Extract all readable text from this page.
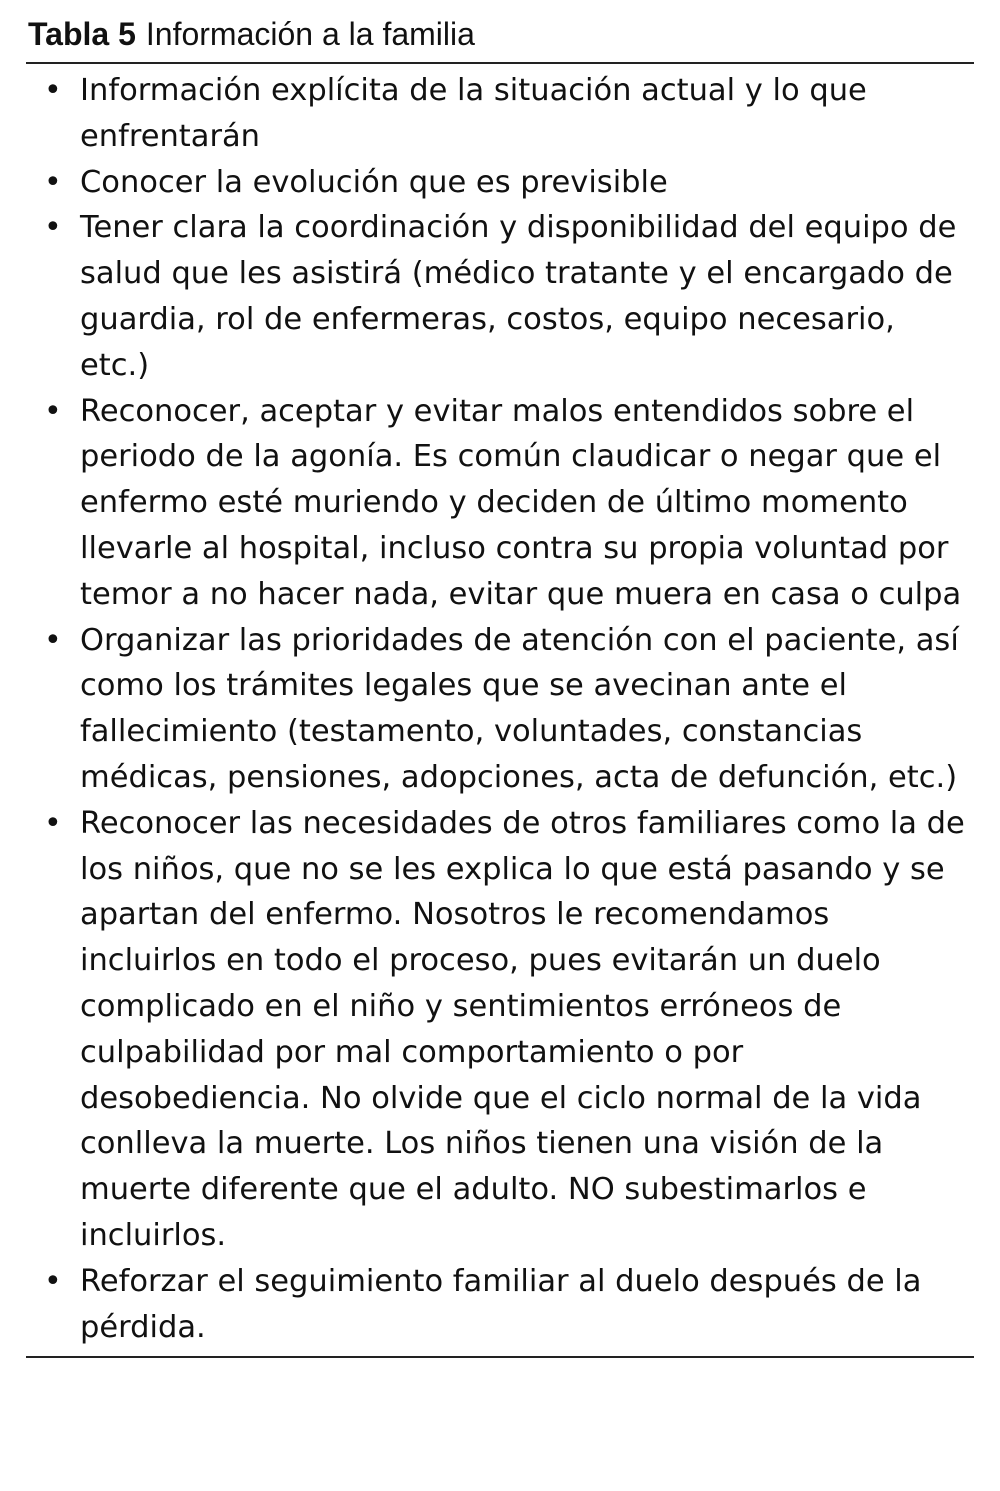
Tabla 5 Información a la familia

• Información explícita de la situación actual y lo que enfrentarán
• Conocer la evolución que es previsible
• Tener clara la coordinación y disponibilidad del equipo de salud que les asistirá (médico tratante y el encargado de guardia, rol de enfermeras, costos, equipo necesario, etc.)
• Reconocer, aceptar y evitar malos entendidos sobre el periodo de la agonía. Es común claudicar o negar que el enfermo esté muriendo y deciden de último momento llevarle al hospital, incluso contra su propia voluntad por temor a no hacer nada, evitar que muera en casa o culpa
• Organizar las prioridades de atención con el paciente, así como los trámites legales que se avecinan ante el fallecimiento (testamento, voluntades, constancias médicas, pensiones, adopciones, acta de defunción, etc.)
• Reconocer las necesidades de otros familiares como la de los niños, que no se les explica lo que está pasando y se apartan del enfermo. Nosotros le recomendamos incluirlos en todo el proceso, pues evitarán un duelo complicado en el niño y sentimientos erróneos de culpabilidad por mal comportamiento o por desobediencia. No olvide que el ciclo normal de la vida conlleva la muerte. Los niños tienen una visión de la muerte diferente que el adulto. NO subestimarlos e incluirlos.
• Reforzar el seguimiento familiar al duelo después de la pérdida.
